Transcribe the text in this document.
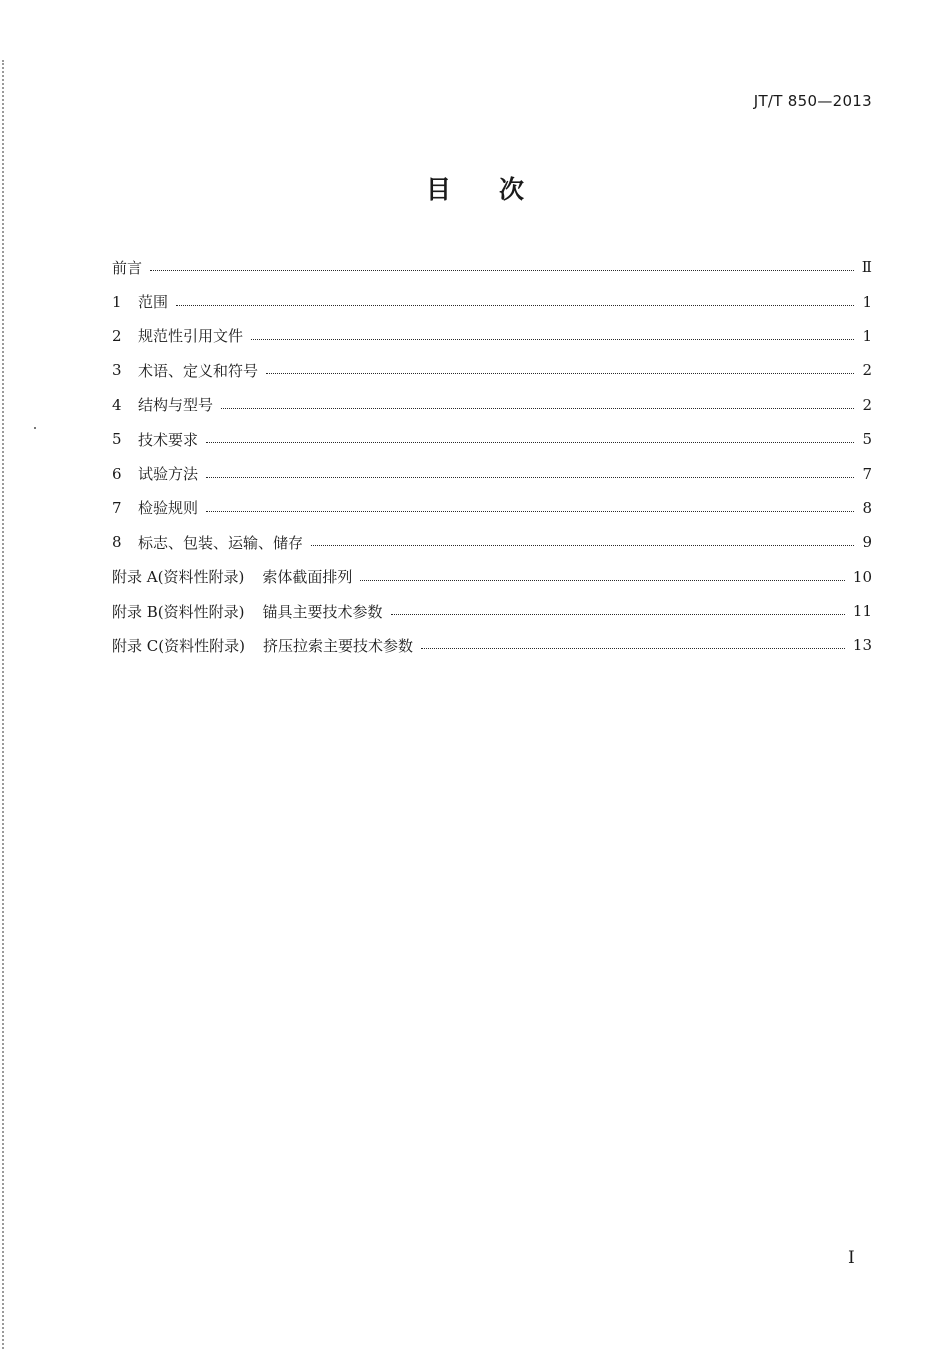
JT/T 850—2013
目 次
前言	Ⅱ
1	范围	1
2	规范性引用文件	1
3	术语、定义和符号	2
4	结构与型号	2
5	技术要求	5
6	试验方法	7
7	检验规则	8
8	标志、包装、运输、储存	9
附录 A(资料性附录) 索体截面排列	10
附录 B(资料性附录) 锚具主要技术参数	11
附录 C(资料性附录) 挤压拉索主要技术参数	13
I
